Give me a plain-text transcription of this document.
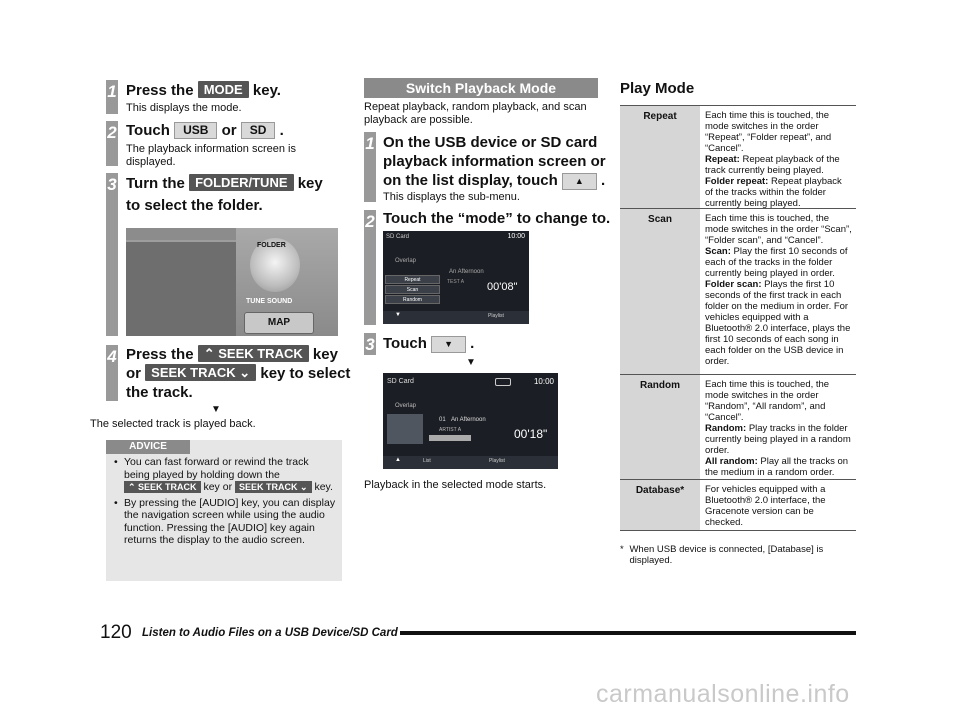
1 Press the MODE key.
This displays the mode.
2 Touch USB or SD .
The playback information screen is displayed.
3 Turn the FOLDER/TUNE key
to select the folder.
FOLDER
TUNE SOUND
MAP
4 Press the ⌃ SEEK TRACK key
or SEEK TRACK ⌄ key to select
the track.
▼
The selected track is played back.
ADVICE
• You can fast forward or rewind the track being played by holding down the ⌃ SEEK TRACK key or SEEK TRACK ⌄ key.
• By pressing the [AUDIO] key, you can display the navigation screen while using the audio function. Pressing the [AUDIO] key again returns the display to the audio screen.
Switch Playback Mode
Repeat playback, random playback, and scan playback are possible.
1 On the USB device or SD card
playback information screen or
on the list display, touch ▲ .
This displays the sub-menu.
2 Touch the “mode” to change to.
SD Card	10:00
Overlap
An Afternoon
TEST A
Repeat
Scan
Random
00'08"
▼	Playlist
3 Touch ▼ .
▼
SD Card	10:00
Overlap
01 An Afternoon
ARTIST A	00'18"
▲	List	Playlist
Playback in the selected mode starts.
Play Mode
Repeat	Each time this is touched, the mode switches in the order “Repeat”, “Folder repeat”, and “Cancel”.
Repeat: Repeat playback of the track currently being played.
Folder repeat: Repeat playback of the tracks within the folder currently being played.
Scan	Each time this is touched, the mode switches in the order “Scan”, “Folder scan”, and “Cancel”.
Scan: Play the first 10 seconds of each of the tracks in the folder currently being played in order.
Folder scan: Plays the first 10 seconds of the first track in each folder on the medium in order. For vehicles equipped with a Bluetooth® 2.0 interface, plays the first 10 seconds of each song in each folder on the USB device in order.
Random	Each time this is touched, the mode switches in the order “Random”, “All random”, and “Cancel”.
Random: Play tracks in the folder currently being played in a random order.
All random: Play all the tracks on the medium in a random order.
Database*	For vehicles equipped with a Bluetooth® 2.0 interface, the Gracenote version can be checked.
* When USB device is connected, [Database] is displayed.
120 Listen to Audio Files on a USB Device/SD Card
carmanualsonline.info
